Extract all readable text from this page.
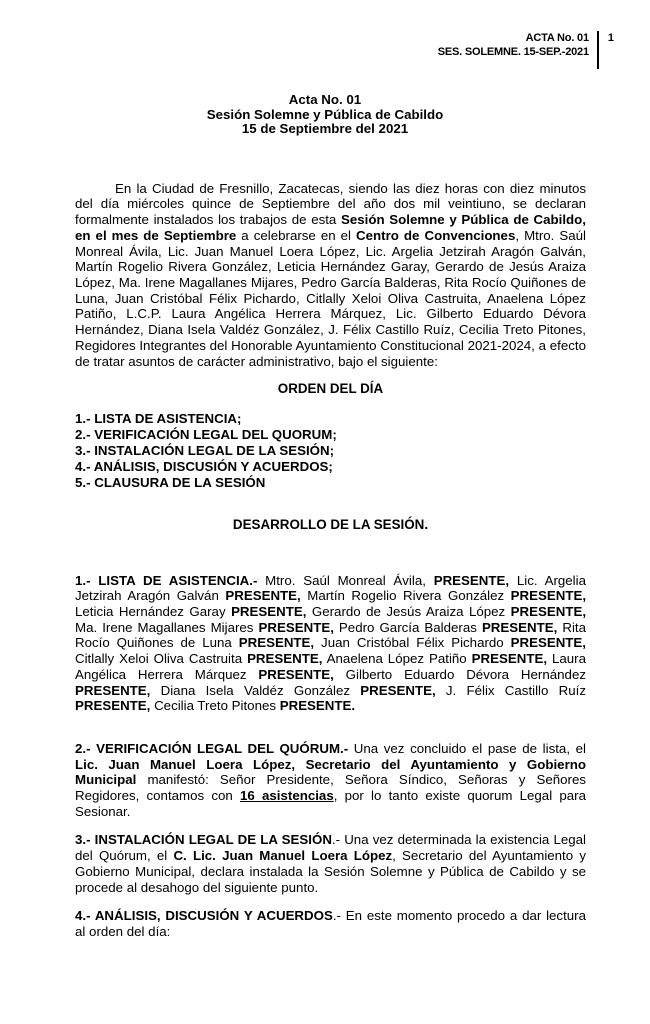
ACTA No. 01
SES. SOLEMNE. 15-SEP.-2021
1
Acta No. 01
Sesión Solemne y Pública de Cabildo
15 de Septiembre del 2021

En la Ciudad de Fresnillo, Zacatecas, siendo las diez horas con diez minutos del día miércoles quince de Septiembre del año dos mil veintiuno, se declaran formalmente instalados los trabajos de esta Sesión Solemne y Pública de Cabildo, en el mes de Septiembre a celebrarse en el Centro de Convenciones, Mtro. Saúl Monreal Ávila, Lic. Juan Manuel Loera López, Lic. Argelia Jetzirah Aragón Galván, Martín Rogelio Rivera González, Leticia Hernández Garay, Gerardo de Jesús Araiza López, Ma. Irene Magallanes Mijares, Pedro García Balderas, Rita Rocío Quiñones de Luna, Juan Cristóbal Félix Pichardo, Citlally Xeloi Oliva Castruita, Anaelena López Patiño, L.C.P. Laura Angélica Herrera Márquez, Lic. Gilberto Eduardo Dévora Hernández, Diana Isela Valdéz González, J. Félix Castillo Ruíz, Cecilia Treto Pitones, Regidores Integrantes del Honorable Ayuntamiento Constitucional 2021-2024, a efecto de tratar asuntos de carácter administrativo, bajo el siguiente:

ORDEN DEL DÍA
1.- LISTA DE ASISTENCIA;
2.- VERIFICACIÓN LEGAL DEL QUORUM;
3.- INSTALACIÓN LEGAL DE LA SESIÓN;
4.- ANÁLISIS, DISCUSIÓN Y ACUERDOS;
5.- CLAUSURA DE LA SESIÓN
DESARROLLO DE LA SESIÓN.

1.- LISTA DE ASISTENCIA.- Mtro. Saúl Monreal Ávila, PRESENTE, Lic. Argelia Jetzirah Aragón Galván PRESENTE, Martín Rogelio Rivera González PRESENTE, Leticia Hernández Garay PRESENTE, Gerardo de Jesús Araiza López PRESENTE, Ma. Irene Magallanes Mijares PRESENTE, Pedro García Balderas PRESENTE, Rita Rocío Quiñones de Luna PRESENTE, Juan Cristóbal Félix Pichardo PRESENTE, Citlally Xeloi Oliva Castruita PRESENTE, Anaelena López Patiño PRESENTE, Laura Angélica Herrera Márquez PRESENTE, Gilberto Eduardo Dévora Hernández PRESENTE, Diana Isela Valdéz González PRESENTE, J. Félix Castillo Ruíz PRESENTE, Cecilia Treto Pitones PRESENTE.

2.- VERIFICACIÓN LEGAL DEL QUÓRUM.- Una vez concluido el pase de lista, el Lic. Juan Manuel Loera López, Secretario del Ayuntamiento y Gobierno Municipal manifestó: Señor Presidente, Señora Síndico, Señoras y Señores Regidores, contamos con 16 asistencias, por lo tanto existe quorum Legal para Sesionar.

3.- INSTALACIÓN LEGAL DE LA SESIÓN.- Una vez determinada la existencia Legal del Quórum, el C. Lic. Juan Manuel Loera López, Secretario del Ayuntamiento y Gobierno Municipal, declara instalada la Sesión Solemne y Pública de Cabildo y se procede al desahogo del siguiente punto.

4.- ANÁLISIS, DISCUSIÓN Y ACUERDOS.- En este momento procedo a dar lectura al orden del día:
